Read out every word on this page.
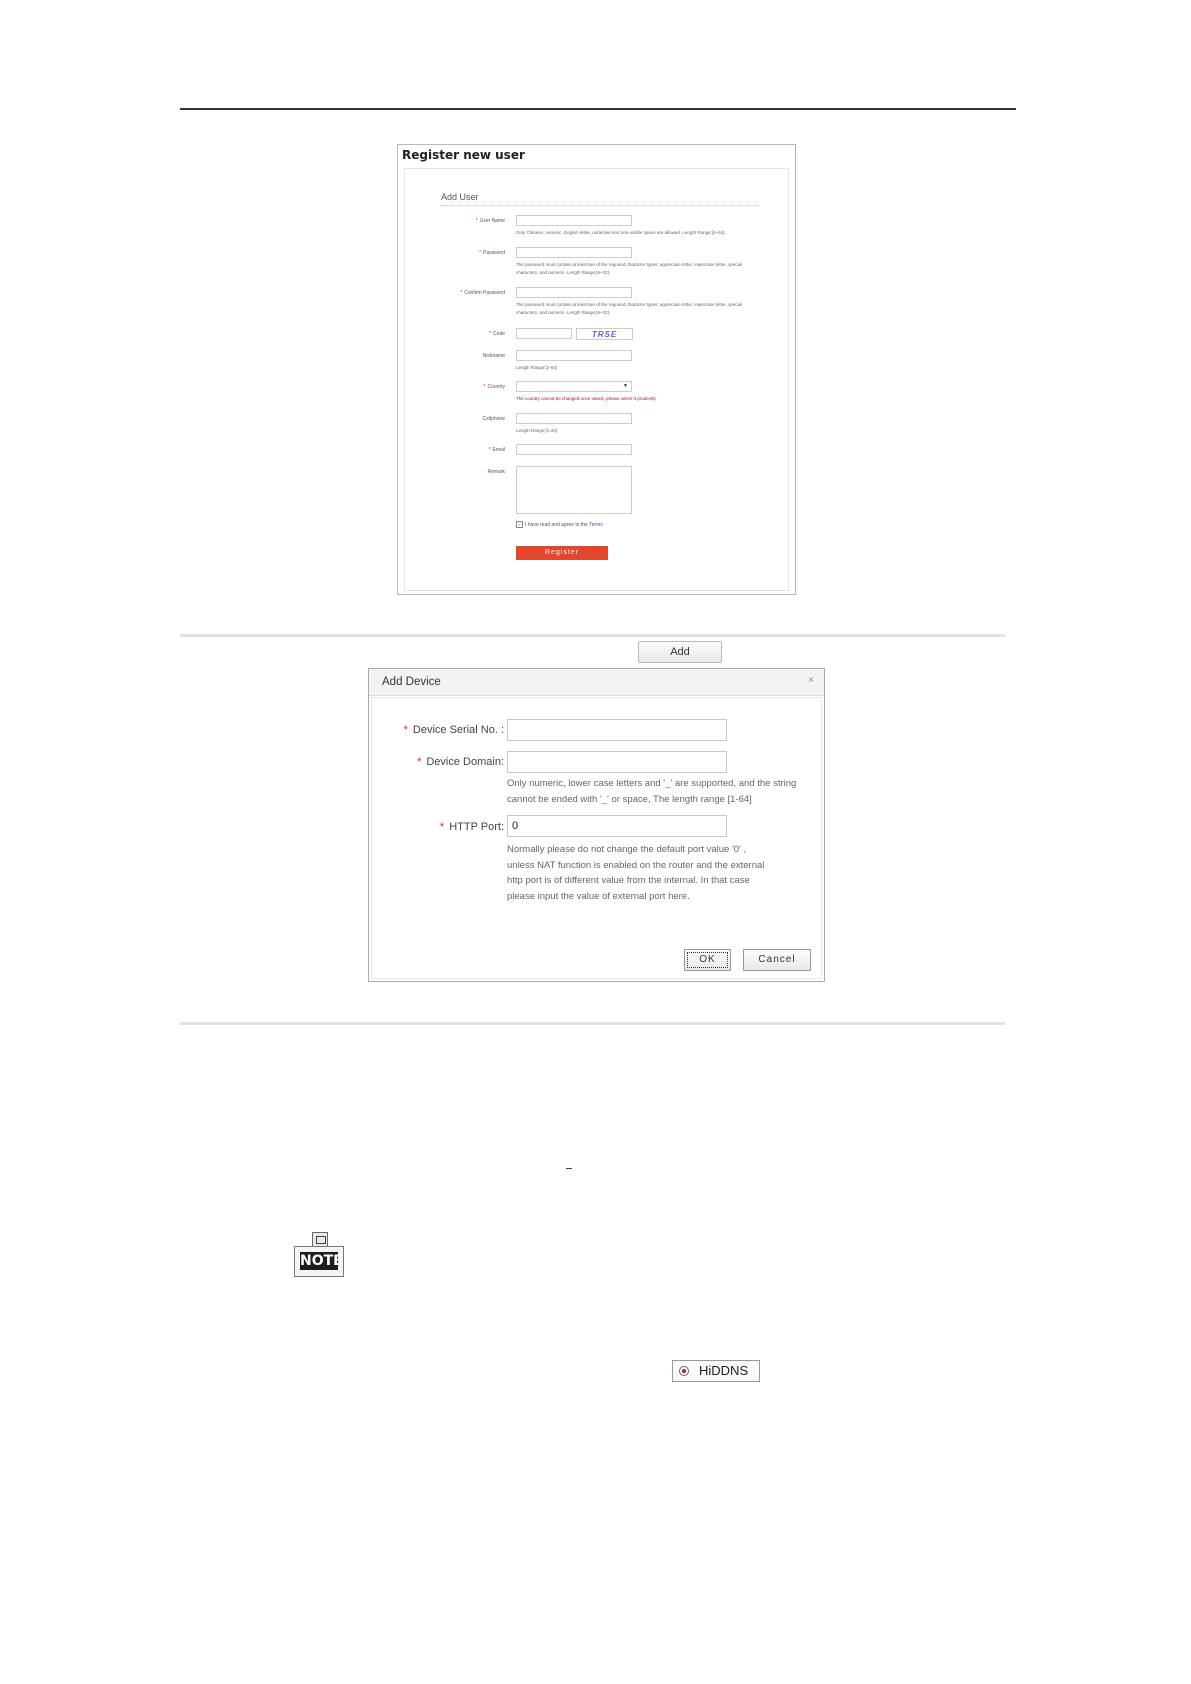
Register new user
Add User
* User Name
Only Chinese, numeric, English letter, underline and non-visible space are allowed. Length Range:[4~64].
* Password
The password must contain at least two of the required character types: uppercase letter, lowercase letter, special characters, and numeric. Length Range:[6~32].
* Confirm Password
The password must contain at least two of the required character types: uppercase letter, lowercase letter, special characters, and numeric. Length Range:[6~32].
* Code	TRSE
Nickname
Length Range:[2-64]
* Country	▼
The country cannot be changed once saved, please select it prudently.
Cellphone
Length Range:[1-20]
* Email
Remark
✓ I have read and agree to the Terms
Register
Add
Add Device	×
* Device Serial No. :
* Device Domain:
Only numeric, lower case letters and '_' are supported, and the string cannot be ended with '_' or space, The length range [1-64]
* HTTP Port: 0
Normally please do not change the default port value '0' , unless NAT function is enabled on the router and the external http port is of different value from the internal. In that case please input the value of external port here.
OK	Cancel
NOTE
HiDDNS
